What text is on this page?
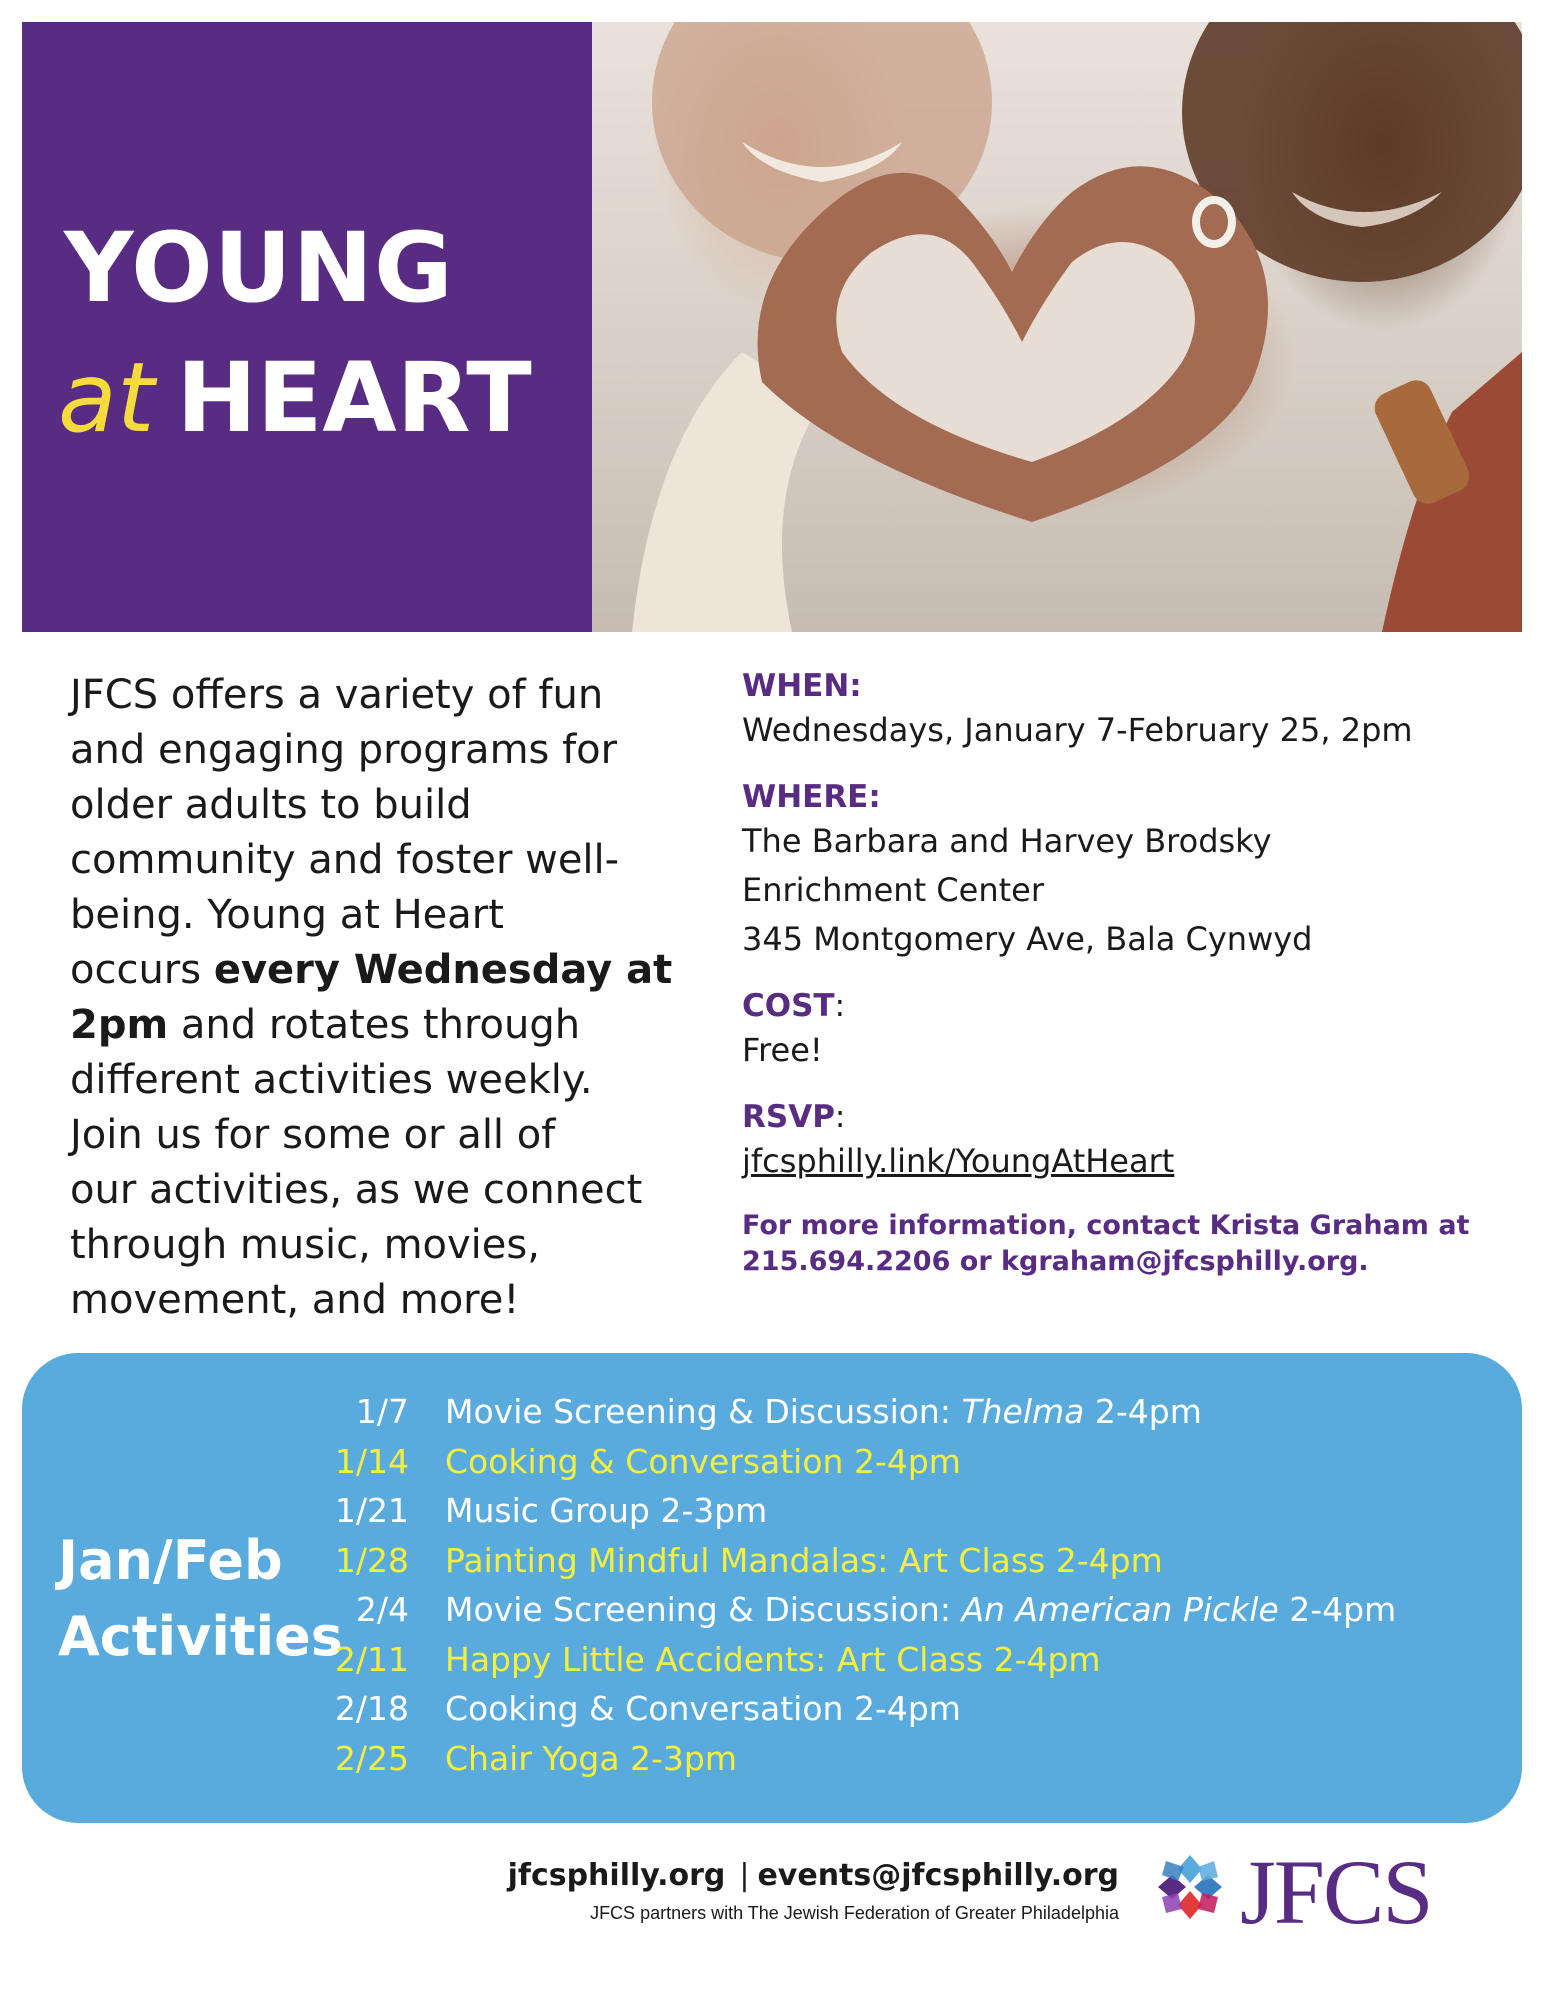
YOUNG
at HEART
JFCS offers a variety of fun
and engaging programs for
older adults to build
community and foster well-
being. Young at Heart
occurs every Wednesday at
2pm and rotates through
different activities weekly.
Join us for some or all of
our activities, as we connect
through music, movies,
movement, and more!
WHEN:
Wednesdays, January 7-February 25, 2pm
WHERE:
The Barbara and Harvey Brodsky
Enrichment Center
345 Montgomery Ave, Bala Cynwyd
COST:
Free!
RSVP:
jfcsphilly.link/YoungAtHeart
For more information, contact Krista Graham at
215.694.2206 or kgraham@jfcsphilly.org.
Jan/Feb
Activities
1/7	Movie Screening & Discussion: Thelma 2-4pm
1/14	Cooking & Conversation 2-4pm
1/21	Music Group 2-3pm
1/28	Painting Mindful Mandalas: Art Class 2-4pm
2/4	Movie Screening & Discussion: An American Pickle 2-4pm
2/11	Happy Little Accidents: Art Class 2-4pm
2/18	Cooking & Conversation 2-4pm
2/25	Chair Yoga 2-3pm
jfcsphilly.org | events@jfcsphilly.org
JFCS partners with The Jewish Federation of Greater Philadelphia JFCS
